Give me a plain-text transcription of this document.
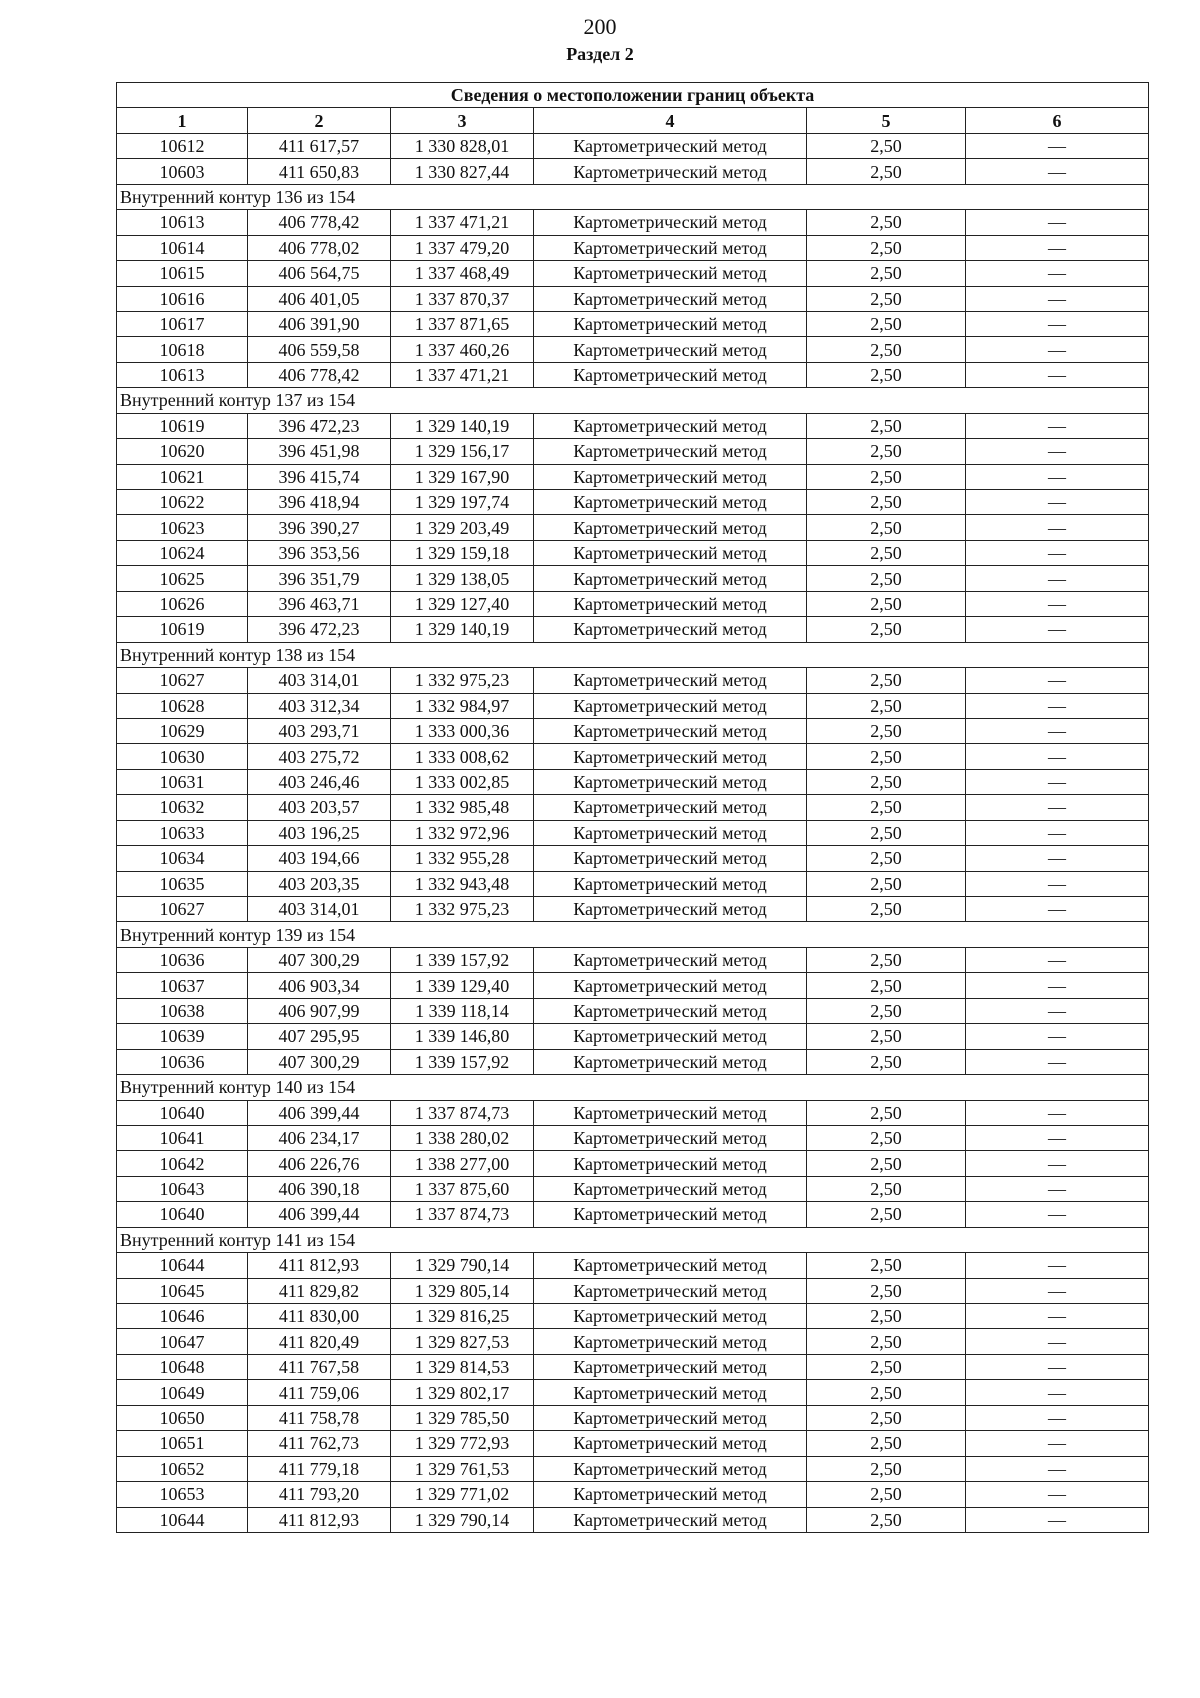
200
Раздел 2
Сведения о местоположении границ объекта					
1	2	3	4	5	6
10612	411 617,57	1 330 828,01	Картометрический метод	2,50	—
10603	411 650,83	1 330 827,44	Картометрический метод	2,50	—
Внутренний контур 136 из 154					
10613	406 778,42	1 337 471,21	Картометрический метод	2,50	—
10614	406 778,02	1 337 479,20	Картометрический метод	2,50	—
10615	406 564,75	1 337 468,49	Картометрический метод	2,50	—
10616	406 401,05	1 337 870,37	Картометрический метод	2,50	—
10617	406 391,90	1 337 871,65	Картометрический метод	2,50	—
10618	406 559,58	1 337 460,26	Картометрический метод	2,50	—
10613	406 778,42	1 337 471,21	Картометрический метод	2,50	—
Внутренний контур 137 из 154					
10619	396 472,23	1 329 140,19	Картометрический метод	2,50	—
10620	396 451,98	1 329 156,17	Картометрический метод	2,50	—
10621	396 415,74	1 329 167,90	Картометрический метод	2,50	—
10622	396 418,94	1 329 197,74	Картометрический метод	2,50	—
10623	396 390,27	1 329 203,49	Картометрический метод	2,50	—
10624	396 353,56	1 329 159,18	Картометрический метод	2,50	—
10625	396 351,79	1 329 138,05	Картометрический метод	2,50	—
10626	396 463,71	1 329 127,40	Картометрический метод	2,50	—
10619	396 472,23	1 329 140,19	Картометрический метод	2,50	—
Внутренний контур 138 из 154					
10627	403 314,01	1 332 975,23	Картометрический метод	2,50	—
10628	403 312,34	1 332 984,97	Картометрический метод	2,50	—
10629	403 293,71	1 333 000,36	Картометрический метод	2,50	—
10630	403 275,72	1 333 008,62	Картометрический метод	2,50	—
10631	403 246,46	1 333 002,85	Картометрический метод	2,50	—
10632	403 203,57	1 332 985,48	Картометрический метод	2,50	—
10633	403 196,25	1 332 972,96	Картометрический метод	2,50	—
10634	403 194,66	1 332 955,28	Картометрический метод	2,50	—
10635	403 203,35	1 332 943,48	Картометрический метод	2,50	—
10627	403 314,01	1 332 975,23	Картометрический метод	2,50	—
Внутренний контур 139 из 154					
10636	407 300,29	1 339 157,92	Картометрический метод	2,50	—
10637	406 903,34	1 339 129,40	Картометрический метод	2,50	—
10638	406 907,99	1 339 118,14	Картометрический метод	2,50	—
10639	407 295,95	1 339 146,80	Картометрический метод	2,50	—
10636	407 300,29	1 339 157,92	Картометрический метод	2,50	—
Внутренний контур 140 из 154					
10640	406 399,44	1 337 874,73	Картометрический метод	2,50	—
10641	406 234,17	1 338 280,02	Картометрический метод	2,50	—
10642	406 226,76	1 338 277,00	Картометрический метод	2,50	—
10643	406 390,18	1 337 875,60	Картометрический метод	2,50	—
10640	406 399,44	1 337 874,73	Картометрический метод	2,50	—
Внутренний контур 141 из 154					
10644	411 812,93	1 329 790,14	Картометрический метод	2,50	—
10645	411 829,82	1 329 805,14	Картометрический метод	2,50	—
10646	411 830,00	1 329 816,25	Картометрический метод	2,50	—
10647	411 820,49	1 329 827,53	Картометрический метод	2,50	—
10648	411 767,58	1 329 814,53	Картометрический метод	2,50	—
10649	411 759,06	1 329 802,17	Картометрический метод	2,50	—
10650	411 758,78	1 329 785,50	Картометрический метод	2,50	—
10651	411 762,73	1 329 772,93	Картометрический метод	2,50	—
10652	411 779,18	1 329 761,53	Картометрический метод	2,50	—
10653	411 793,20	1 329 771,02	Картометрический метод	2,50	—
10644	411 812,93	1 329 790,14	Картометрический метод	2,50	—
